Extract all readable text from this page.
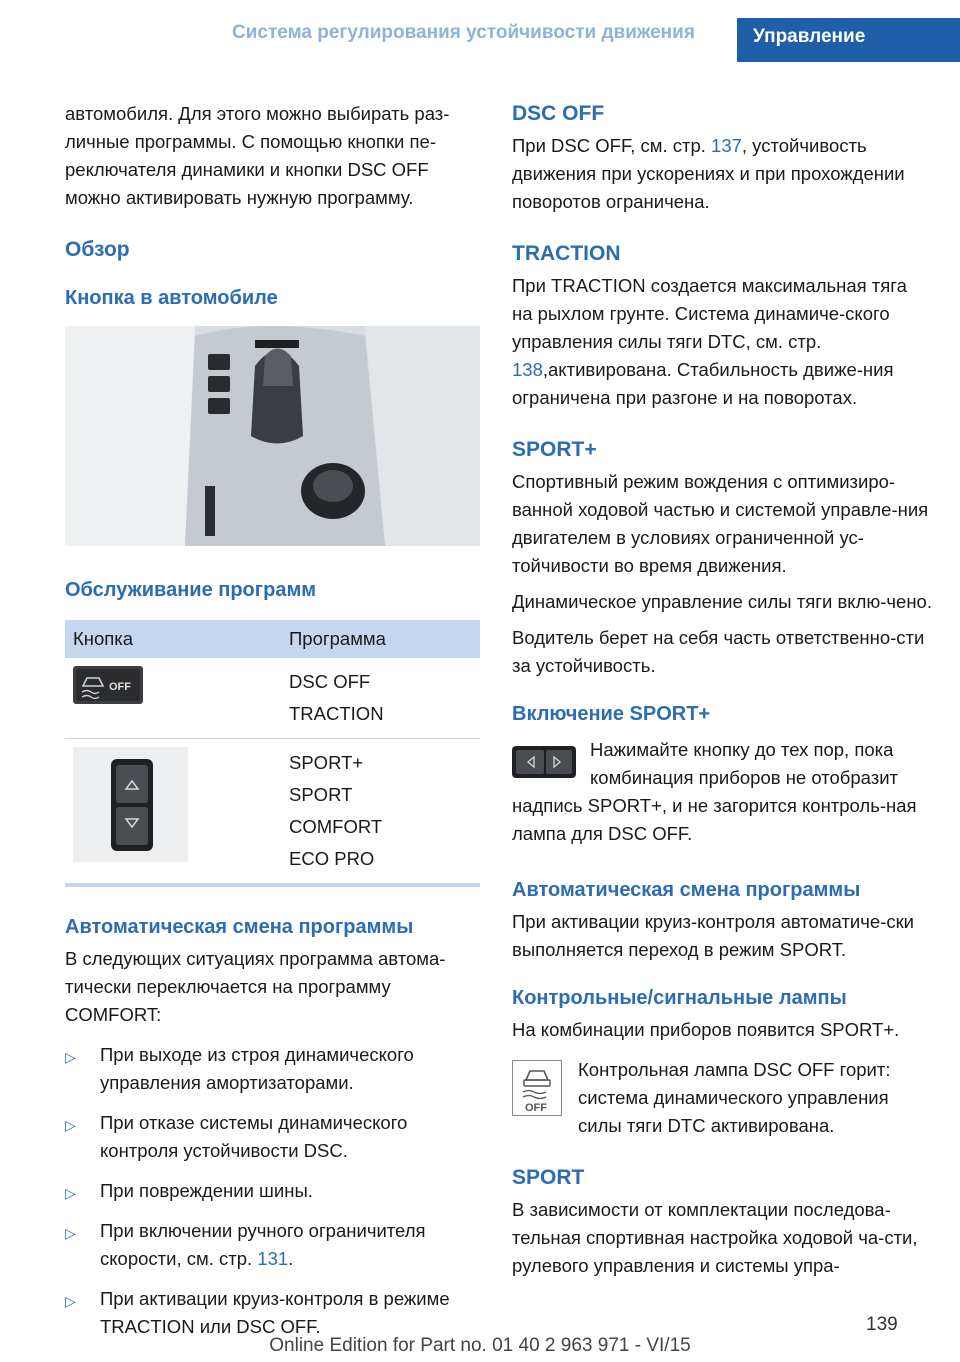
Система регулирования устойчивости движения	Управление

автомобиля. Для этого можно выбирать раз-личные программы. С помощью кнопки пе-реключателя динамики и кнопки DSC OFF можно активировать нужную программу.

Обзор

Кнопка в автомобиле

Обслуживание программ

Кнопка	Программа

OFF	DSC OFF
TRACTION

SPORT+
SPORT
COMFORT
ECO PRO

Автоматическая смена программы

В следующих ситуациях программа автома-тически переключается на программу COMFORT:

▷ При выходе из строя динамического управления амортизаторами.
▷ При отказе системы динамического контроля устойчивости DSC.
▷ При повреждении шины.
▷ При включении ручного ограничителя скорости, см. стр. 131.
▷ При активации круиз-контроля в режиме TRACTION или DSC OFF.

DSC OFF

При DSC OFF, см. стр. 137, устойчивость движения при ускорениях и при прохождении поворотов ограничена.

TRACTION

При TRACTION создается максимальная тяга на рыхлом грунте. Система динамиче-ского управления силы тяги DTC, см. стр. 138,активирована. Стабильность движе-ния ограничена при разгоне и на поворотах.

SPORT+

Спортивный режим вождения с оптимизиро-ванной ходовой частью и системой управле-ния двигателем в условиях ограниченной ус-тойчивости во время движения.

Динамическое управление силы тяги вклю-чено.

Водитель берет на себя часть ответственно-сти за устойчивость.

Включение SPORT+

Нажимайте кнопку до тех пор, пока комбинация приборов не отобразит

надпись SPORT+, и не загорится контроль-ная лампа для DSC OFF.

Автоматическая смена программы

При активации круиз-контроля автоматиче-ски выполняется переход в режим SPORT.

Контрольные/сигнальные лампы

На комбинации приборов появится SPORT+.

OFF

Контрольная лампа DSC OFF горит: система динамического управления силы тяги DTC активирована.

SPORT

В зависимости от комплектации последова-тельная спортивная настройка ходовой ча-сти, рулевого управления и системы упра-

139
Online Edition for Part no. 01 40 2 963 971 - VI/15
